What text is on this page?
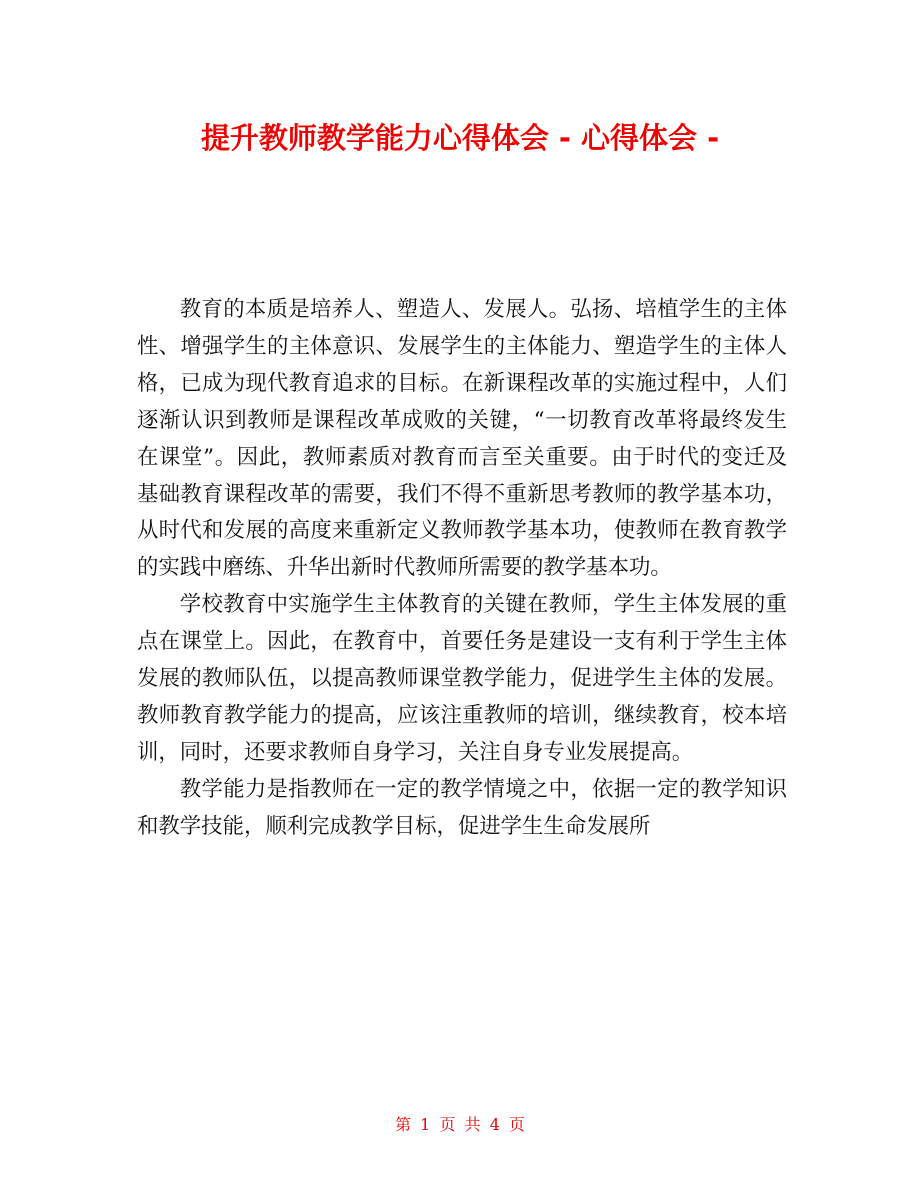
提升教师教学能力心得体会 - 心得体会 -

教育的本质是培养人、塑造人、发展人。弘扬、培植学生的主体性、增强学生的主体意识、发展学生的主体能力、塑造学生的主体人格，已成为现代教育追求的目标。在新课程改革的实施过程中，人们逐渐认识到教师是课程改革成败的关键，“一切教育改革将最终发生在课堂”。因此，教师素质对教育而言至关重要。由于时代的变迁及基础教育课程改革的需要，我们不得不重新思考教师的教学基本功，从时代和发展的高度来重新定义教师教学基本功，使教师在教育教学的实践中磨练、升华出新时代教师所需要的教学基本功。

学校教育中实施学生主体教育的关键在教师，学生主体发展的重点在课堂上。因此，在教育中，首要任务是建设一支有利于学生主体发展的教师队伍，以提高教师课堂教学能力，促进学生主体的发展。教师教育教学能力的提高，应该注重教师的培训，继续教育，校本培训，同时，还要求教师自身学习，关注自身专业发展提高。

教学能力是指教师在一定的教学情境之中，依据一定的教学知识和教学技能，顺利完成教学目标，促进学生生命发展所

第 1 页 共 4 页
